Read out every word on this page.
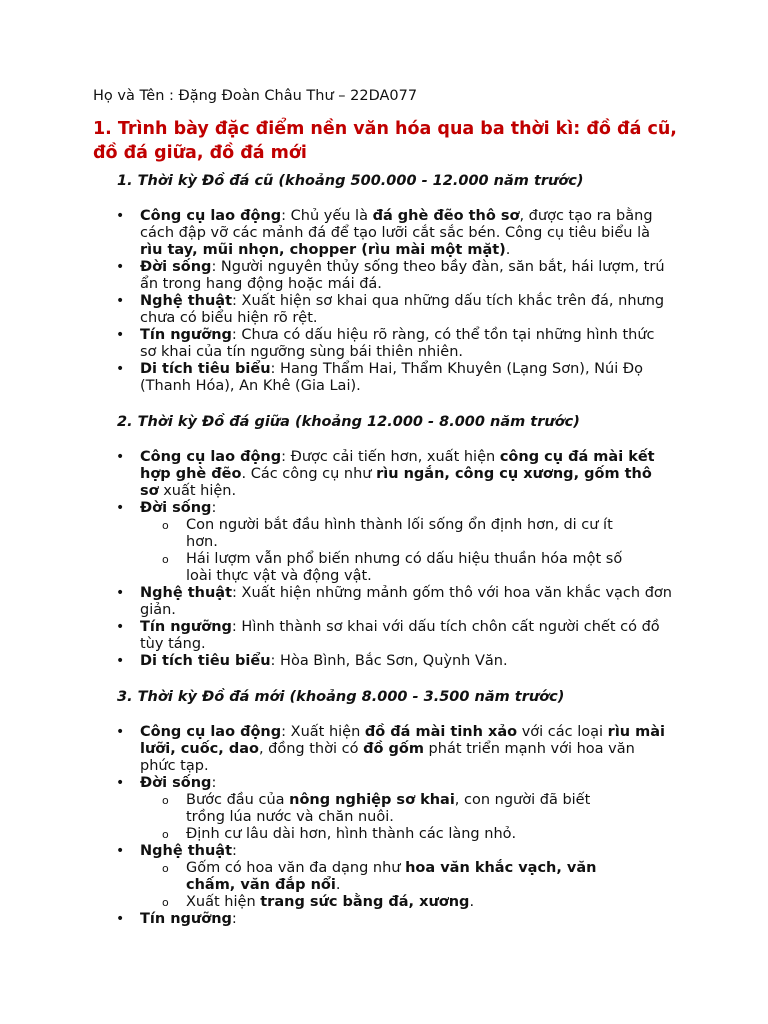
Họ và Tên : Đặng Đoàn Châu Thư – 22DA077
1. Trình bày đặc điểm nền văn hóa qua ba thời kì: đồ đá cũ, đồ đá giữa, đồ đá mới
1. Thời kỳ Đồ đá cũ (khoảng 500.000 - 12.000 năm trước)
• Công cụ lao động: Chủ yếu là đá ghè đẽo thô sơ, được tạo ra bằng cách đập vỡ các mảnh đá để tạo lưỡi cắt sắc bén. Công cụ tiêu biểu là rìu tay, mũi nhọn, chopper (rìu mài một mặt).
• Đời sống: Người nguyên thủy sống theo bầy đàn, săn bắt, hái lượm, trú ẩn trong hang động hoặc mái đá.
• Nghệ thuật: Xuất hiện sơ khai qua những dấu tích khắc trên đá, nhưng chưa có biểu hiện rõ rệt.
• Tín ngưỡng: Chưa có dấu hiệu rõ ràng, có thể tồn tại những hình thức sơ khai của tín ngưỡng sùng bái thiên nhiên.
• Di tích tiêu biểu: Hang Thẩm Hai, Thẩm Khuyên (Lạng Sơn), Núi Đọ (Thanh Hóa), An Khê (Gia Lai).
2. Thời kỳ Đồ đá giữa (khoảng 12.000 - 8.000 năm trước)
• Công cụ lao động: Được cải tiến hơn, xuất hiện công cụ đá mài kết hợp ghè đẽo. Các công cụ như rìu ngắn, công cụ xương, gốm thô sơ xuất hiện.
• Đời sống:
o Con người bắt đầu hình thành lối sống ổn định hơn, di cư ít hơn.
o Hái lượm vẫn phổ biến nhưng có dấu hiệu thuần hóa một số loài thực vật và động vật.
• Nghệ thuật: Xuất hiện những mảnh gốm thô với hoa văn khắc vạch đơn giản.
• Tín ngưỡng: Hình thành sơ khai với dấu tích chôn cất người chết có đồ tùy táng.
• Di tích tiêu biểu: Hòa Bình, Bắc Sơn, Quỳnh Văn.
3. Thời kỳ Đồ đá mới (khoảng 8.000 - 3.500 năm trước)
• Công cụ lao động: Xuất hiện đồ đá mài tinh xảo với các loại rìu mài lưỡi, cuốc, dao, đồng thời có đồ gốm phát triển mạnh với hoa văn phức tạp.
• Đời sống:
o Bước đầu của nông nghiệp sơ khai, con người đã biết trồng lúa nước và chăn nuôi.
o Định cư lâu dài hơn, hình thành các làng nhỏ.
• Nghệ thuật:
o Gốm có hoa văn đa dạng như hoa văn khắc vạch, văn chấm, văn đắp nổi.
o Xuất hiện trang sức bằng đá, xương.
• Tín ngưỡng:
